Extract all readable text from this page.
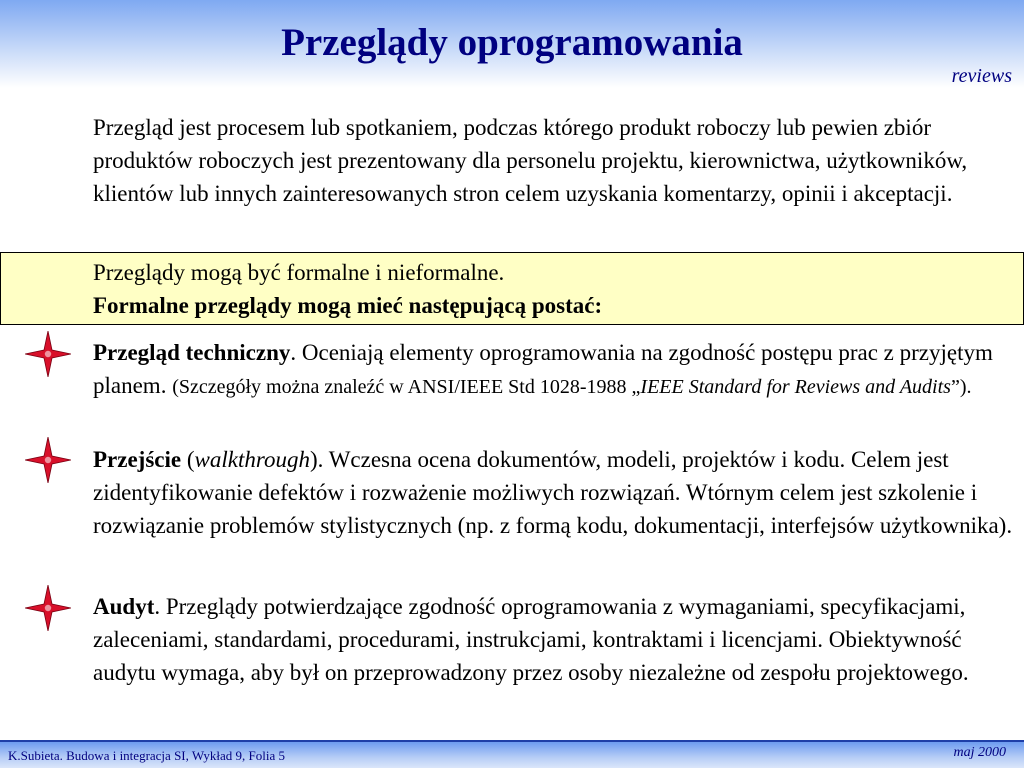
Przeglądy oprogramowania
reviews
Przegląd jest procesem lub spotkaniem, podczas którego produkt roboczy lub pewien zbiór produktów roboczych jest prezentowany dla personelu projektu, kierownictwa, użytkowników, klientów lub innych zainteresowanych stron celem uzyskania komentarzy, opinii i akceptacji.
Przeglądy mogą być formalne i nieformalne.
Formalne przeglądy mogą mieć następującą postać:
Przegląd techniczny. Oceniają elementy oprogramowania na zgodność postępu prac z przyjętym planem. (Szczegóły można znaleźć w ANSI/IEEE Std 1028-1988 „IEEE Standard for Reviews and Audits”).
Przejście (walkthrough). Wczesna ocena dokumentów, modeli, projektów i kodu. Celem jest zidentyfikowanie defektów i rozważenie możliwych rozwiązań. Wtórnym celem jest szkolenie i rozwiązanie problemów stylistycznych (np. z formą kodu, dokumentacji, interfejsów użytkownika).
Audyt. Przeglądy potwierdzające zgodność oprogramowania z wymaganiami, specyfikacjami, zaleceniami, standardami, procedurami, instrukcjami, kontraktami i licencjami. Obiektywność audytu wymaga, aby był on przeprowadzony przez osoby niezależne od zespołu projektowego.
K.Subieta. Budowa i integracja SI, Wykład 9, Folia 5	maj 2000
